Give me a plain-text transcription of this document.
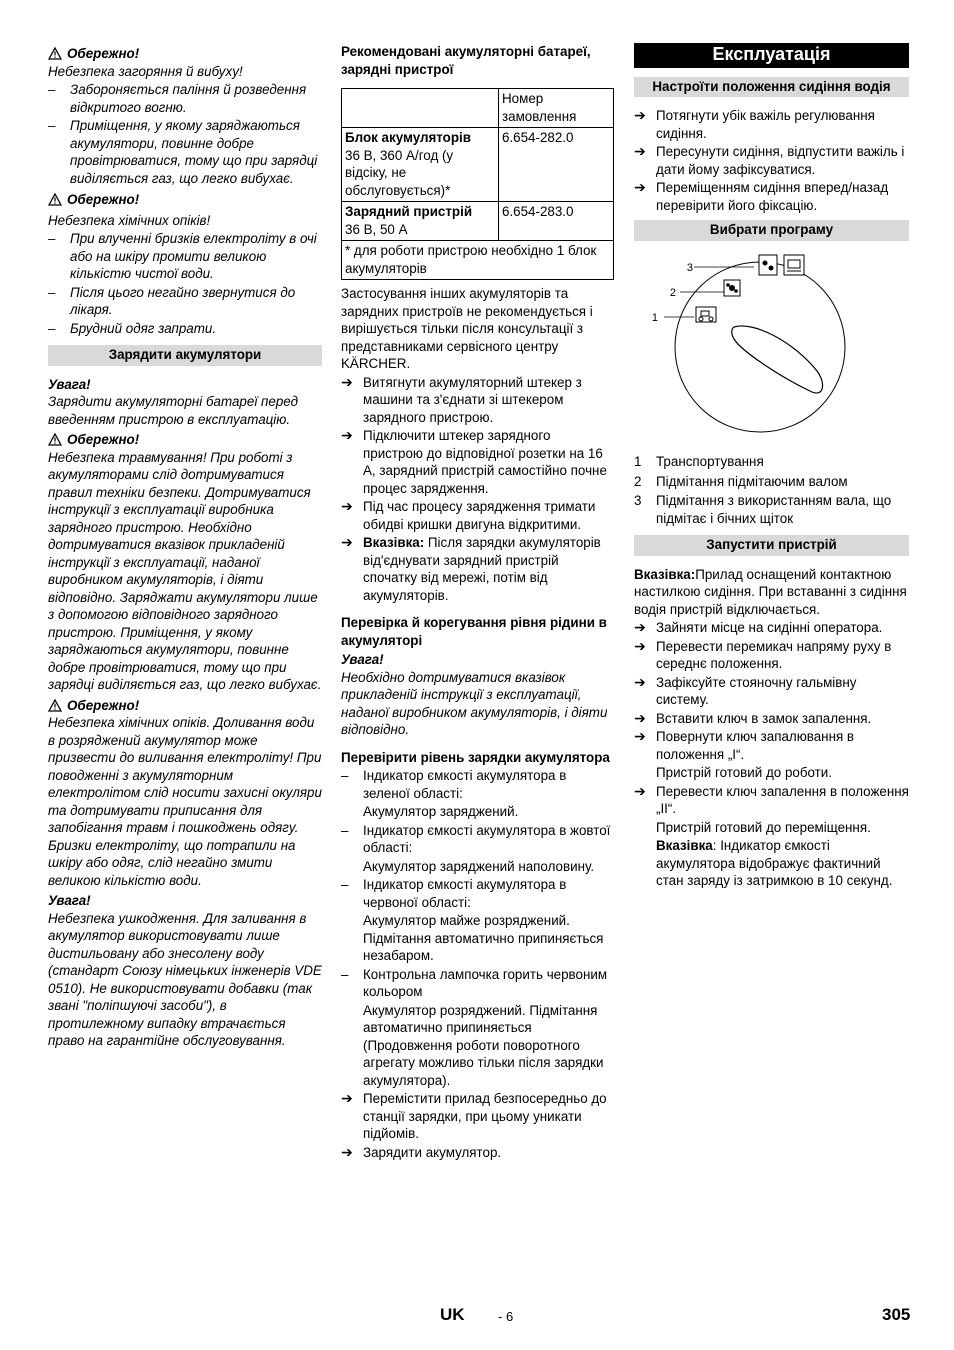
Обережно!

Небезпека загоряння й вибуху!

–	Забороняється паління й розведення відкритого вогню.
–	Приміщення, у якому заряджаються акумулятори, повинне добре провітрюватися, тому що при зарядці виділяється газ, що легко вибухає.

Обережно!

Небезпека хімічних опіків!

–	При влученні бризків електроліту в очі або на шкіру промити великою кількістю чистої води.
–	Після цього негайно звернутися до лікаря.
–	Брудний одяг запрати.
Зарядити акумулятори

Увага!

Зарядити акумуляторні батареї перед введенням пристрою в експлуатацію.

Обережно!

Небезпека травмування! При роботі з акумуляторами слід дотримуватися правил техніки безпеки. Дотримуватися інструкції з експлуатації виробника зарядного пристрою. Необхідно дотримуватися вказівок прикладеній інструкції з експлуатації, наданої виробником акумуляторів, і діяти відповідно. Заряджати акумулятори лише з допомогою відповідного зарядного пристрою. Приміщення, у якому заряджаються акумулятори, повинне добре провітрюватися, тому що при зарядці виділяється газ, що легко вибухає.

Обережно!

Небезпека хімічних опіків. Доливання води в розряджений акумулятор може призвести до виливання електроліту! При поводженні з акумуляторним електролітом слід носити захисні окуляри та дотримувати приписання для запобігання травм і пошкоджень одягу. Бризки електроліту, що потрапили на шкіру або одяг, слід негайно змити великою кількістю води.

Увага!

Небезпека ушкодження. Для заливання в акумулятор використовувати лише дистильовану або знесолену воду (стандарт Союзу німецьких інженерів VDE 0510). Не використовувати добавки (так звані "поліпшуючі засоби"), в протилежному випадку втрачається право на гарантійне обслуговування.

Рекомендовані акумуляторні батареї, зарядні пристрої

	Номер замовлення
Блок акумуляторів
36 В, 360 А/год (у відсіку, не обслуговується)*	6.654-282.0
Зарядний пристрій
36 В, 50 А	6.654-283.0
* для роботи пристрою необхідно 1 блок акумуляторів	

Застосування інших акумуляторів та зарядних пристроїв не рекомендується і вирішується тільки після консультації з представниками сервісного центру KÄRCHER.

➔ Витягнути акумуляторний штекер з машини та з'єднати зі штекером зарядного пристрою.
➔ Підключити штекер зарядного пристрою до відповідної розетки на 16 А, зарядний пристрій самостійно почне процес зарядження.
➔ Під час процесу зарядження тримати обидві кришки двигуна відкритими.
➔ Вказівка: Після зарядки акумуляторів від'єднувати зарядний пристрій спочатку від мережі, потім від акумуляторів.

Перевірка й корегування рівня рідини в акумуляторі

Увага!

Необхідно дотримуватися вказівок прикладеній інструкції з експлуатації, наданої виробником акумуляторів, і діяти відповідно.

Перевірити рівень зарядки акумулятора

–	Індикатор ємкості акумулятора в зеленої області:

Акумулятор заряджений.

–	Індикатор ємкості акумулятора в жовтої області:

Акумулятор заряджений наполовину.

–	Індикатор ємкості акумулятора в червоної області:

Акумулятор майже розряджений. Підмітання автоматично припиняється незабаром.

–	Контрольна лампочка горить червоним кольором

Акумулятор розряджений. Підмітання автоматично припиняється (Продовження роботи поворотного агрегату можливо тільки після зарядки акумулятора).

➔ Перемістити прилад безпосередньо до станції зарядки, при цьому уникати підйомів.
➔ Зарядити акумулятор.
Експлуатація
Настроїти положення сидіння водія
➔ Потягнути убік важіль регулювання сидіння.
➔ Пересунути сидіння, відпустити важіль і дати йому зафіксуватися.
➔ Переміщенням сидіння вперед/назад перевірити його фіксацію.
Вибрати програму
1
2
3
1	Транспортування
2	Підмітання підмітаючим валом
3	Підмітання з використанням вала, що підмітає і бічних щіток
Запустити пристрій

Вказівка:Прилад оснащений контактною настилкою сидіння. При вставанні з сидіння водія пристрій відключається.

➔ Зайняти місце на сидінні оператора.
➔ Перевести перемикач напряму руху в середнє положення.
➔ Зафіксуйте стояночну гальмівну систему.
➔ Вставити ключ в замок запалення.
➔ Повернути ключ запалювання в положення „I“.

Пристрій готовий до роботи.

➔ Перевести ключ запалення в положення „II“.

Пристрій готовий до переміщення.

Вказівка: Індикатор ємкості акумулятора відображує фактичний стан заряду із затримкою в 10 секунд.

UK	- 6	305
